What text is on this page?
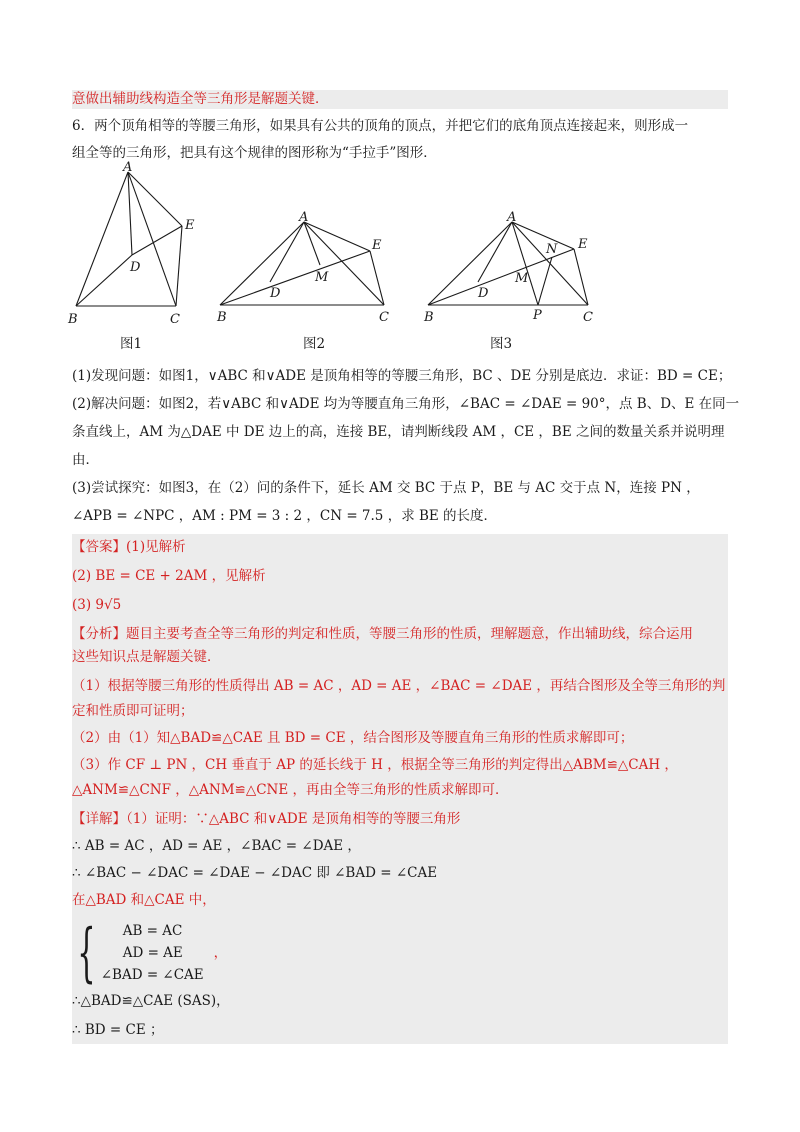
意做出辅助线构造全等三角形是解题关键．
6．两个顶角相等的等腰三角形，如果具有公共的顶角的顶点，并把它们的底角顶点连接起来，则形成一
组全等的三角形，把具有这个规律的图形称为“手拉手”图形．
A
B	C
D
E
A
B	C
D
E
M
A
B	C
D
E
M
N
P
图1	图2	图3
(1)发现问题：如图1，∨ABC 和∨ADE 是顶角相等的等腰三角形，BC 、DE 分别是底边．求证：BD = CE；
(2)解决问题：如图2，若∨ABC 和∨ADE 均为等腰直角三角形，∠BAC = ∠DAE = 90°，点 B、D、E 在同一
条直线上，AM 为△DAE 中 DE 边上的高，连接 BE，请判断线段 AM ，CE ，BE 之间的数量关系并说明理
由．
(3)尝试探究：如图3，在（2）问的条件下，延长 AM 交 BC 于点 P，BE 与 AC 交于点 N，连接 PN ，
∠APB = ∠NPC ，AM : PM = 3 : 2 ，CN = 7.5 ，求 BE 的长度．
【答案】(1)见解析
(2) BE = CE + 2AM ，见解析
(3) 9√5
【分析】题目主要考查全等三角形的判定和性质，等腰三角形的性质，理解题意，作出辅助线，综合运用
这些知识点是解题关键．
（1）根据等腰三角形的性质得出 AB = AC ，AD = AE ，∠BAC = ∠DAE ，再结合图形及全等三角形的判
定和性质即可证明；
（2）由（1）知△BAD≌△CAE 且 BD = CE ，结合图形及等腰直角三角形的性质求解即可；
（3）作 CF ⊥ PN ，CH 垂直于 AP 的延长线于 H ，根据全等三角形的判定得出△ABM≌△CAH ，
△ANM≌△CNF ，△ANM≌△CNE ，再由全等三角形的性质求解即可．
【详解】（1）证明：∵△ABC 和∨ADE 是顶角相等的等腰三角形
∴ AB = AC ，AD = AE ，∠BAC = ∠DAE ，
∴ ∠BAC − ∠DAC = ∠DAE − ∠DAC 即 ∠BAD = ∠CAE
在△BAD 和△CAE 中，
{	AB = AC
AD = AE
∠BAD = ∠CAE
，
∴△BAD≌△CAE (SAS)，
∴ BD = CE ；
